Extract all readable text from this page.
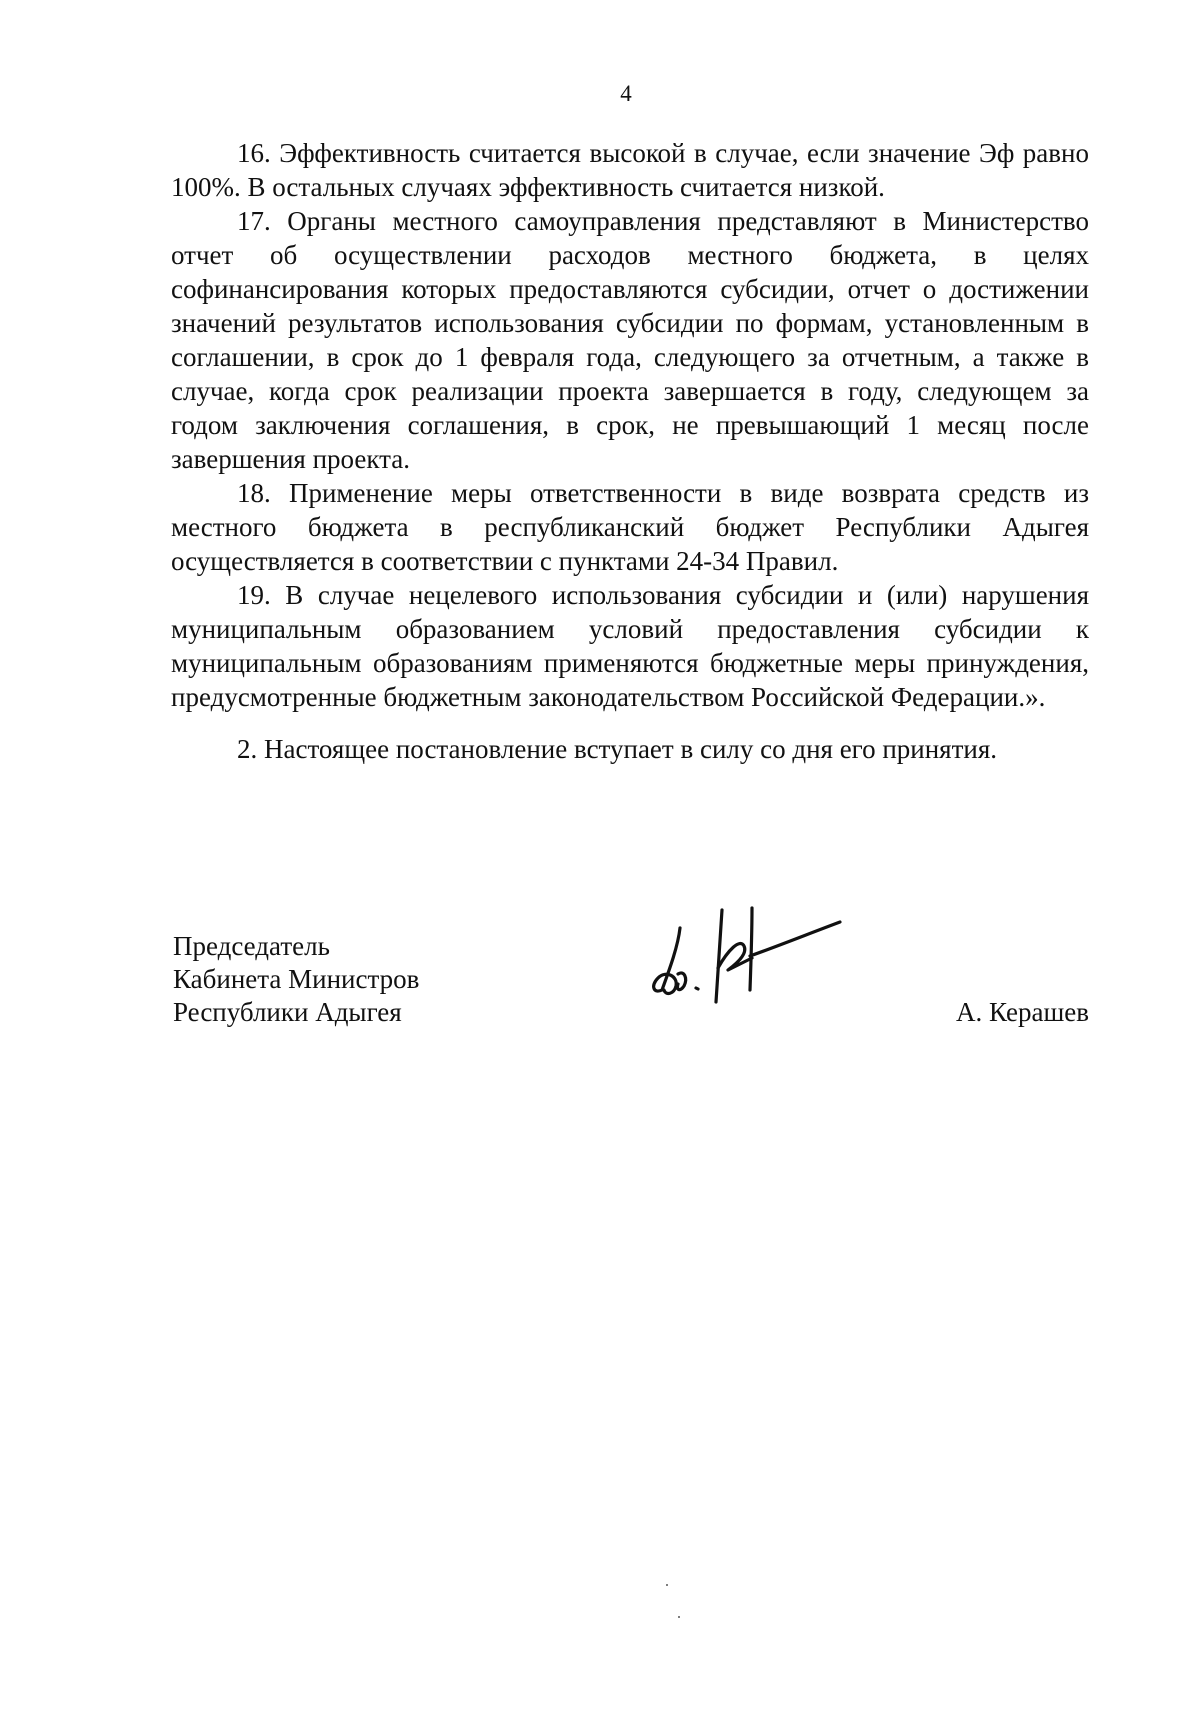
4

16. Эффективность считается высокой в случае, если значение Эф равно 100%. В остальных случаях эффективность считается низкой.

17. Органы местного самоуправления представляют в Министерство отчет об осуществлении расходов местного бюджета, в целях софинансирования которых предоставляются субсидии, отчет о достижении значений результатов использования субсидии по формам, установленным в соглашении, в срок до 1 февраля года, следующего за отчетным, а также в случае, когда срок реализации проекта завершается в году, следующем за годом заключения соглашения, в срок, не превышающий 1 месяц после завершения проекта.

18. Применение меры ответственности в виде возврата средств из местного бюджета в республиканский бюджет Республики Адыгея осуществляется в соответствии с пунктами 24-34 Правил.

19. В случае нецелевого использования субсидии и (или) нарушения муниципальным образованием условий предоставления субсидии к муниципальным образованиям применяются бюджетные меры принуждения, предусмотренные бюджетным законодательством Российской Федерации.».

2. Настоящее постановление вступает в силу со дня его принятия.

Председатель
Кабинета Министров
Республики Адыгея	А. Керашев
